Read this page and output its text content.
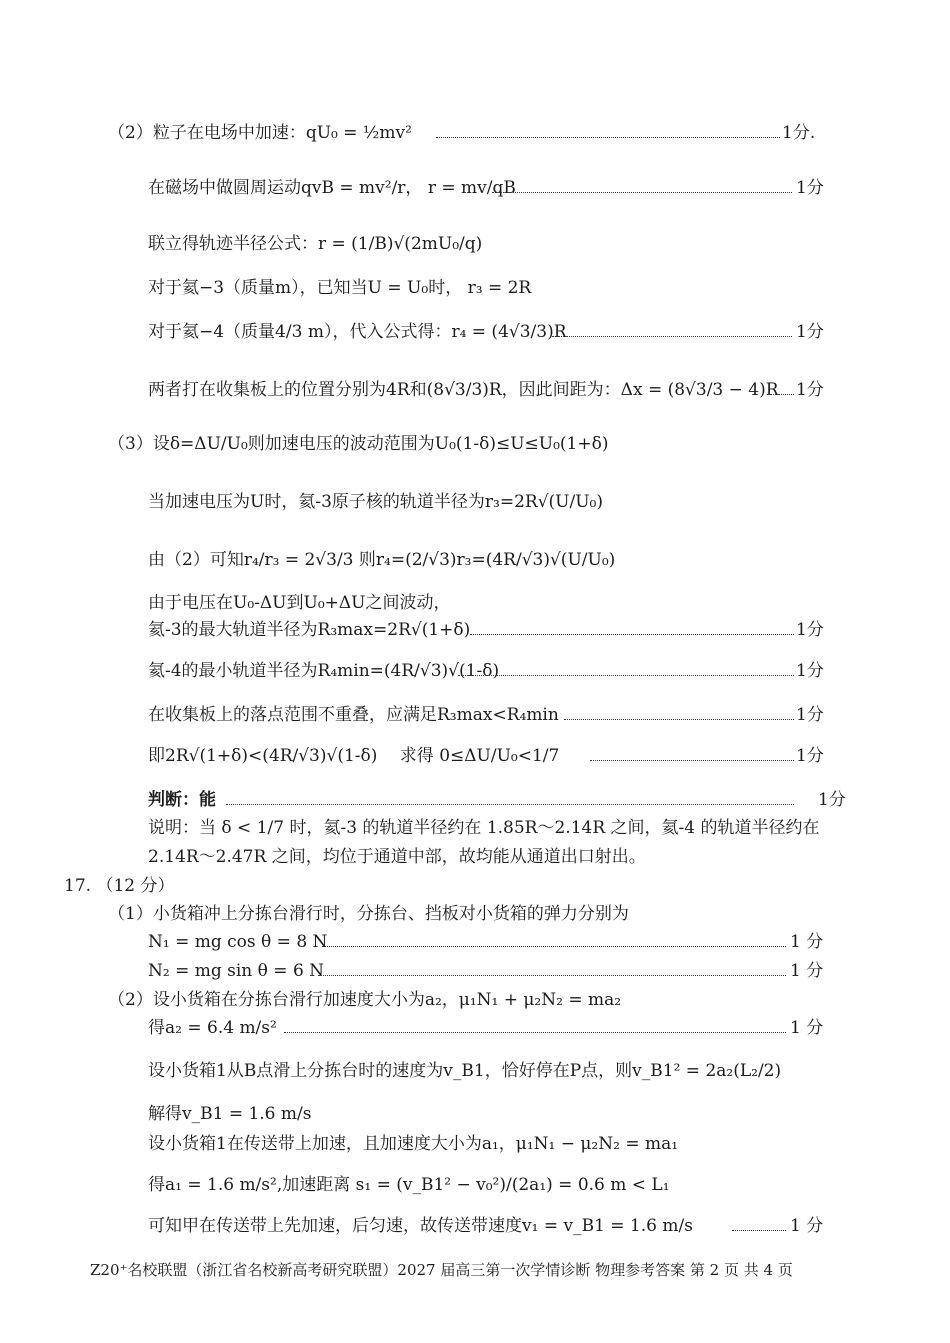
（2）粒子在电场中加速：qU₀ = ½mv²	1分.
在磁场中做圆周运动qvB = mv²/r， r = mv/qB	1分
联立得轨迹半径公式：r = (1/B)√(2mU₀/q)
对于氦−3（质量m），已知当U = U₀时， r₃ = 2R
对于氦−4（质量4/3 m），代入公式得：r₄ = (4√3/3)R	1分
两者打在收集板上的位置分别为4R和(8√3/3)R，因此间距为：Δx = (8√3/3 − 4)R 1分
（3）设δ=ΔU/U₀则加速电压的波动范围为U₀(1-δ)≤U≤U₀(1+δ)
当加速电压为U时，氦-3原子核的轨道半径为r₃=2R√(U/U₀)
由（2）可知r₄/r₃ = 2√3/3 则r₄=(2/√3)r₃=(4R/√3)√(U/U₀)
由于电压在U₀-ΔU到U₀+ΔU之间波动，
氦-3的最大轨道半径为R₃max=2R√(1+δ)	1分
氦-4的最小轨道半径为R₄min=(4R/√3)√(1-δ)	1分
在收集板上的落点范围不重叠，应满足R₃max<R₄min	1分
即2R√(1+δ)<(4R/√3)√(1-δ)　 求得 0≤ΔU/U₀<1/7	1分
判断：能	1分
说明：当 δ < 1/7 时，氦-3 的轨道半径约在 1.85R～2.14R 之间，氦-4 的轨道半径约在
2.14R～2.47R 之间，均位于通道中部，故均能从通道出口射出。
17. （12 分）
（1）小货箱冲上分拣台滑行时，分拣台、挡板对小货箱的弹力分别为
N₁ = mg cos θ = 8 N	1 分
N₂ = mg sin θ = 6 N	1 分
（2）设小货箱在分拣台滑行加速度大小为a₂，μ₁N₁ + μ₂N₂ = ma₂
得a₂ = 6.4 m/s²	1 分
设小货箱1从B点滑上分拣台时的速度为v_B1，恰好停在P点，则v_B1² = 2a₂(L₂/2)
解得v_B1 = 1.6 m/s
设小货箱1在传送带上加速，且加速度大小为a₁，μ₁N₁ − μ₂N₂ = ma₁
得a₁ = 1.6 m/s²,加速距离 s₁ = (v_B1² − v₀²)/(2a₁) = 0.6 m < L₁
可知甲在传送带上先加速，后匀速，故传送带速度v₁ = v_B1 = 1.6 m/s	1 分
Z20⁺名校联盟（浙江省名校新高考研究联盟）2027 届高三第一次学情诊断 物理参考答案 第 2 页 共 4 页
